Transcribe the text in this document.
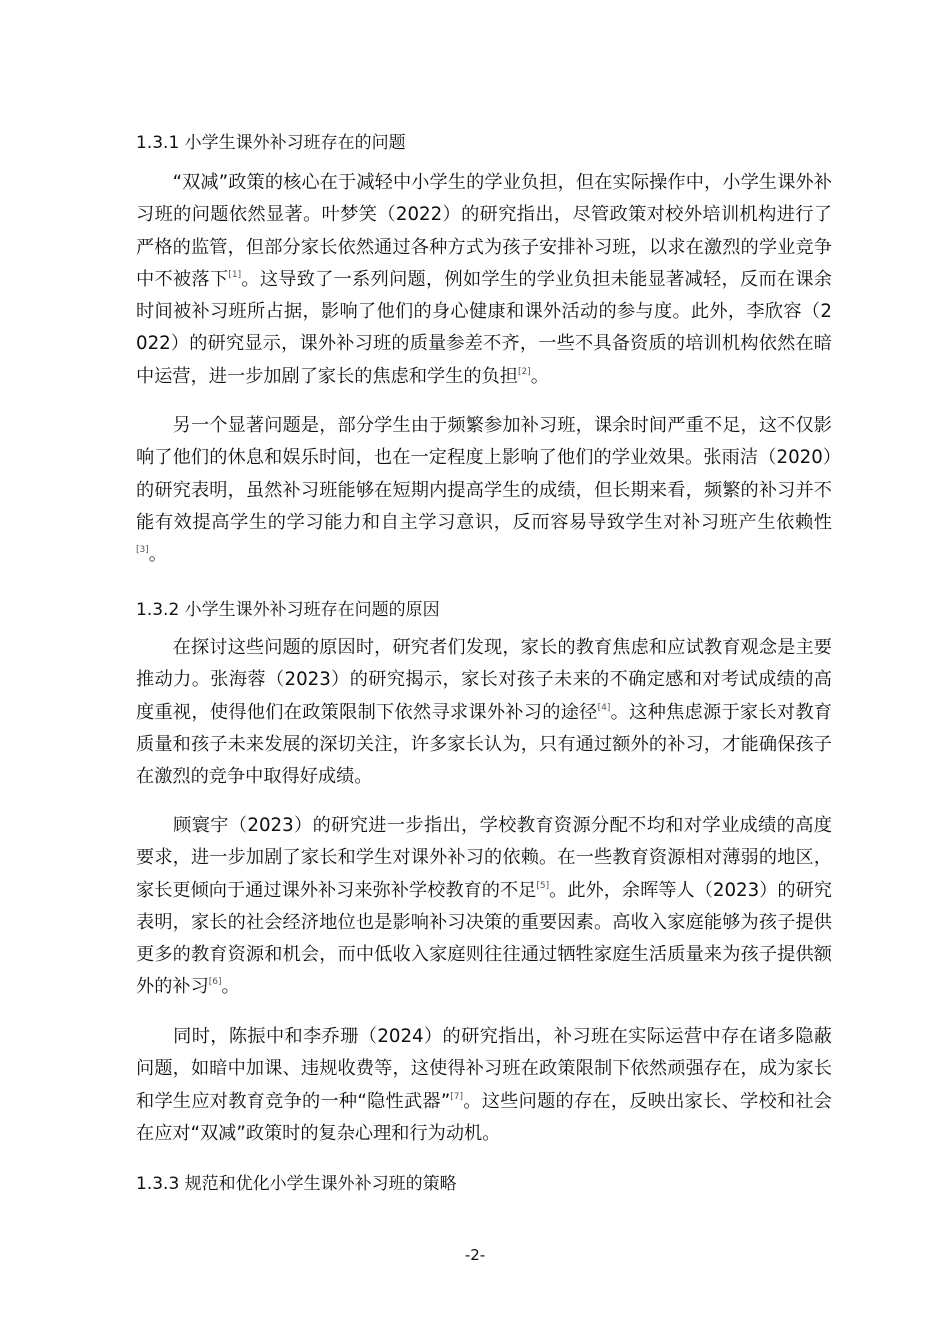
1.3.1 小学生课外补习班存在的问题
　　“双减”政策的核心在于减轻中小学生的学业负担，但在实际操作中，小学生课外补习班的问题依然显著。叶梦笑（2022）的研究指出，尽管政策对校外培训机构进行了严格的监管，但部分家长依然通过各种方式为孩子安排补习班，以求在激烈的学业竞争中不被落下[1]。这导致了一系列问题，例如学生的学业负担未能显著减轻，反而在课余时间被补习班所占据，影响了他们的身心健康和课外活动的参与度。此外，李欣容（2022）的研究显示，课外补习班的质量参差不齐，一些不具备资质的培训机构依然在暗中运营，进一步加剧了家长的焦虑和学生的负担[2]。
　　另一个显著问题是，部分学生由于频繁参加补习班，课余时间严重不足，这不仅影响了他们的休息和娱乐时间，也在一定程度上影响了他们的学业效果。张雨洁（2020）的研究表明，虽然补习班能够在短期内提高学生的成绩，但长期来看，频繁的补习并不能有效提高学生的学习能力和自主学习意识，反而容易导致学生对补习班产生依赖性[3]。
1.3.2 小学生课外补习班存在问题的原因
　　在探讨这些问题的原因时，研究者们发现，家长的教育焦虑和应试教育观念是主要推动力。张海蓉（2023）的研究揭示，家长对孩子未来的不确定感和对考试成绩的高度重视，使得他们在政策限制下依然寻求课外补习的途径[4]。这种焦虑源于家长对教育质量和孩子未来发展的深切关注，许多家长认为，只有通过额外的补习，才能确保孩子在激烈的竞争中取得好成绩。
　　顾寰宇（2023）的研究进一步指出，学校教育资源分配不均和对学业成绩的高度要求，进一步加剧了家长和学生对课外补习的依赖。在一些教育资源相对薄弱的地区，家长更倾向于通过课外补习来弥补学校教育的不足[5]。此外，余晖等人（2023）的研究表明，家长的社会经济地位也是影响补习决策的重要因素。高收入家庭能够为孩子提供更多的教育资源和机会，而中低收入家庭则往往通过牺牲家庭生活质量来为孩子提供额外的补习[6]。
　　同时，陈振中和李乔珊（2024）的研究指出，补习班在实际运营中存在诸多隐蔽问题，如暗中加课、违规收费等，这使得补习班在政策限制下依然顽强存在，成为家长和学生应对教育竞争的一种“隐性武器”[7]。这些问题的存在，反映出家长、学校和社会在应对“双减”政策时的复杂心理和行为动机。
1.3.3 规范和优化小学生课外补习班的策略
-2-
